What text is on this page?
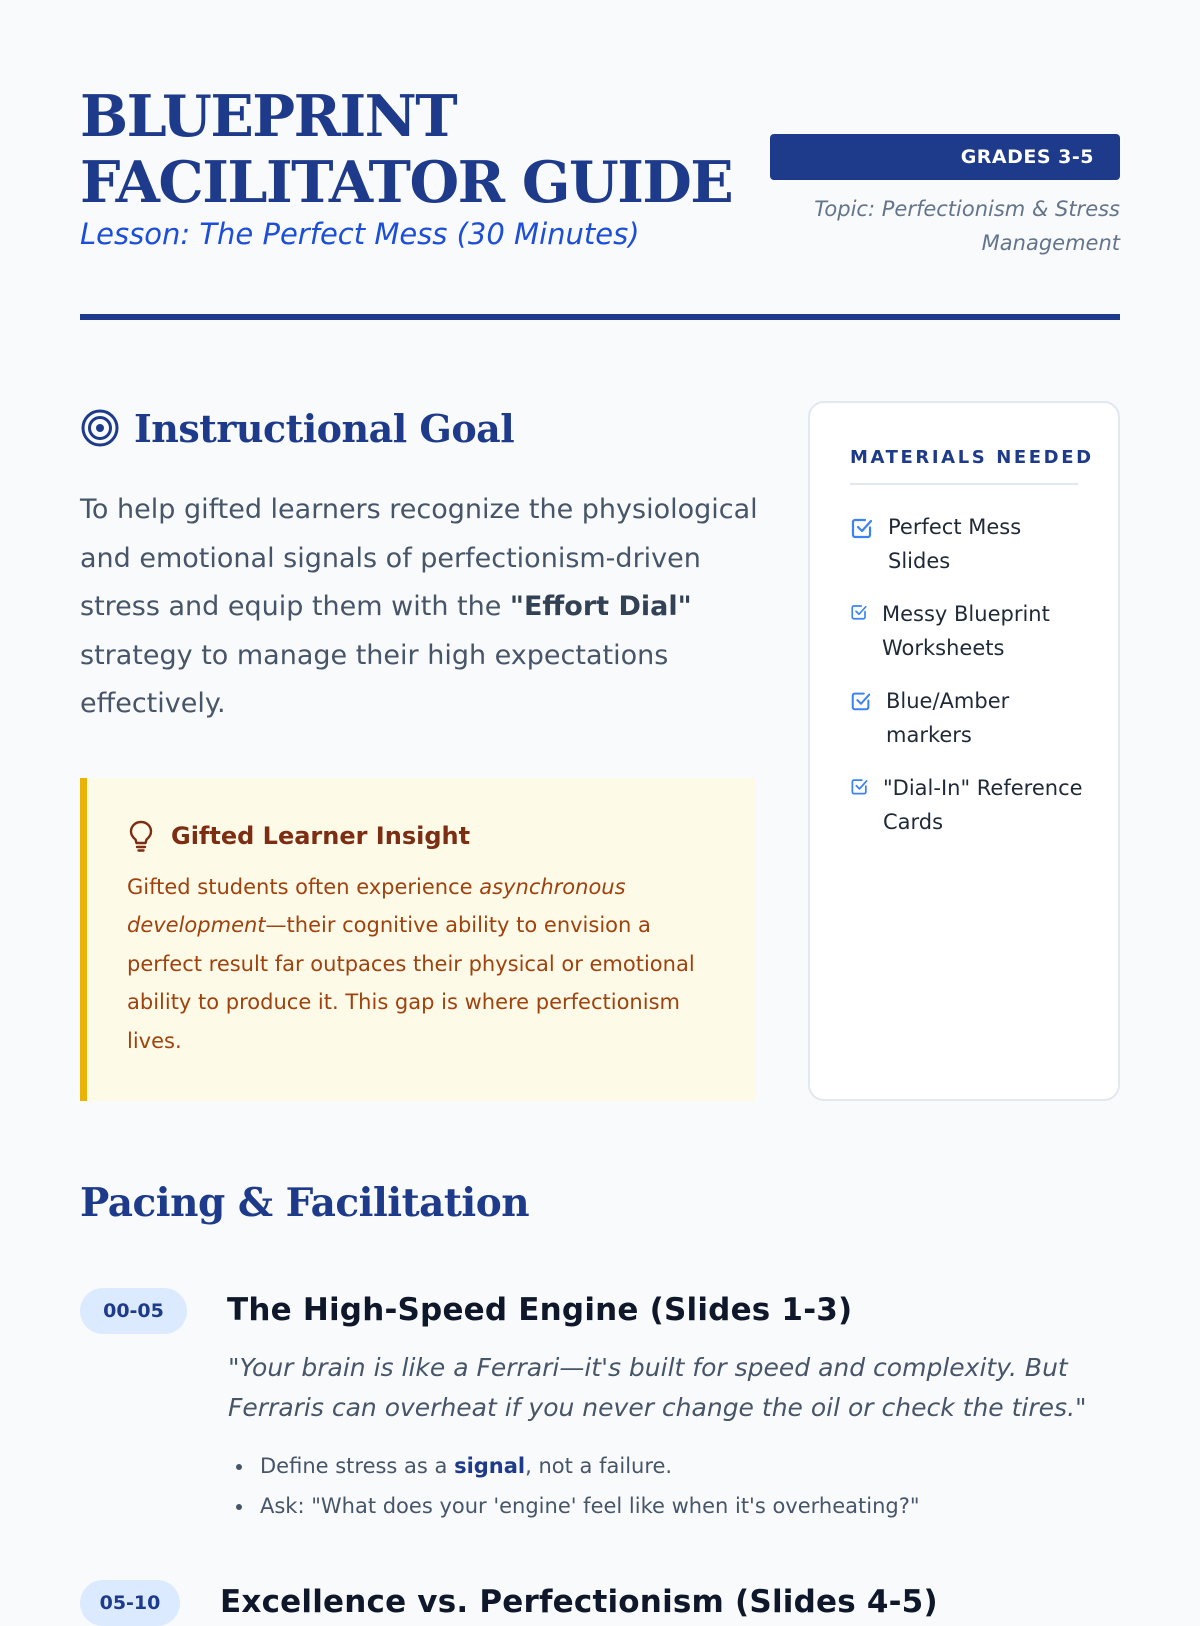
BLUEPRINT
FACILITATOR GUIDE
Lesson: The Perfect Mess (30 Minutes)
GRADES 3-5
Topic: Perfectionism & Stress
Management
Instructional Goal

To help gifted learners recognize the physiological and emotional signals of perfectionism-driven stress and equip them with the "Effort Dial" strategy to manage their high expectations effectively.

Gifted Learner Insight

Gifted students often experience asynchronous development—their cognitive ability to envision a perfect result far outpaces their physical or emotional ability to produce it. This gap is where perfectionism lives.

MATERIALS NEEDED
Perfect Mess Slides
Messy Blueprint Worksheets
Blue/Amber markers
"Dial-In" Reference Cards
Pacing & Facilitation
00-05	The High-Speed Engine (Slides 1-3)
"Your brain is like a Ferrari—it's built for speed and complexity. But Ferraris can overheat if you never change the oil or check the tires."
Define stress as a signal, not a failure.
Ask: "What does your 'engine' feel like when it's overheating?"
05-10	Excellence vs. Perfectionism (Slides 4-5)
